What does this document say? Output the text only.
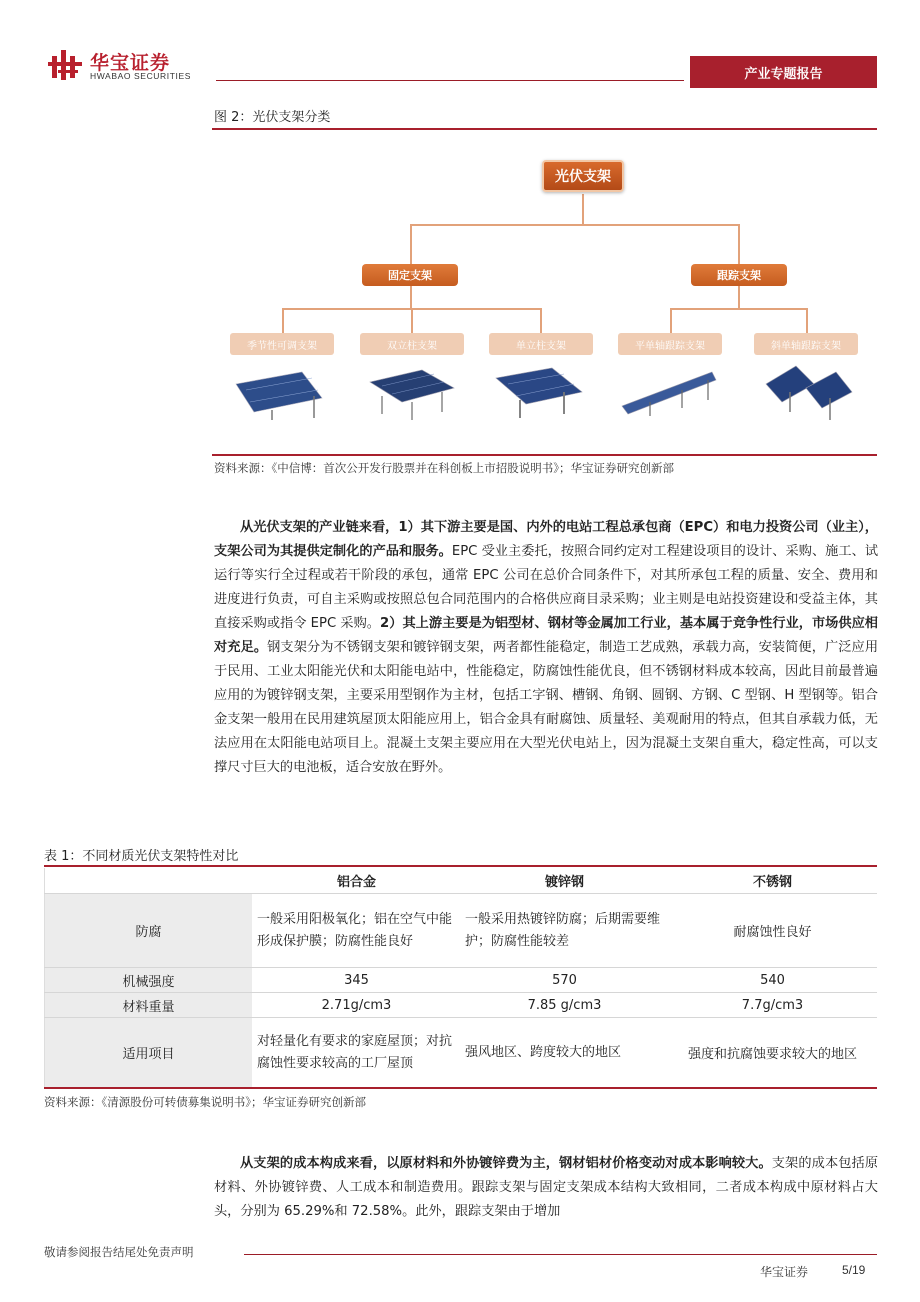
华宝证券
HWABAO SECURITIES	产业专题报告
图 2：光伏支架分类
光伏支架
固定支架	跟踪支架
季节性可调支架	双立柱支架	单立柱支架	平单轴跟踪支架	斜单轴跟踪支架
资料来源：《中信博：首次公开发行股票并在科创板上市招股说明书》；华宝证券研究创新部
从光伏支架的产业链来看，1）其下游主要是国、内外的电站工程总承包商（EPC）和电力投资公司（业主），支架公司为其提供定制化的产品和服务。EPC 受业主委托，按照合同约定对工程建设项目的设计、采购、施工、试运行等实行全过程或若干阶段的承包，通常 EPC 公司在总价合同条件下，对其所承包工程的质量、安全、费用和进度进行负责，可自主采购或按照总包合同范围内的合格供应商目录采购；业主则是电站投资建设和受益主体，其直接采购或指令 EPC 采购。2）其上游主要是为铝型材、钢材等金属加工行业，基本属于竞争性行业，市场供应相对充足。钢支架分为不锈钢支架和镀锌钢支架，两者都性能稳定，制造工艺成熟，承载力高，安装简便，广泛应用于民用、工业太阳能光伏和太阳能电站中，性能稳定，防腐蚀性能优良，但不锈钢材料成本较高，因此目前最普遍应用的为镀锌钢支架，主要采用型钢作为主材，包括工字钢、槽钢、角钢、圆钢、方钢、C 型钢、H 型钢等。铝合金支架一般用在民用建筑屋顶太阳能应用上，铝合金具有耐腐蚀、质量轻、美观耐用的特点，但其自承载力低，无法应用在太阳能电站项目上。混凝土支架主要应用在大型光伏电站上，因为混凝土支架自重大，稳定性高，可以支撑尺寸巨大的电池板，适合安放在野外。
表 1：不同材质光伏支架特性对比
	铝合金	镀锌钢	不锈钢
防腐	一般采用阳极氧化；铝在空气中能形成保护膜；防腐性能良好	一般采用热镀锌防腐；后期需要维护；防腐性能较差	耐腐蚀性良好
机械强度	345	570	540
材料重量	2.71g/cm3	7.85 g/cm3	7.7g/cm3
适用项目	对轻量化有要求的家庭屋顶；对抗腐蚀性要求较高的工厂屋顶	强风地区、跨度较大的地区	强度和抗腐蚀要求较大的地区
资料来源：《清源股份可转债募集说明书》；华宝证券研究创新部
从支架的成本构成来看，以原材料和外协镀锌费为主，钢材铝材价格变动对成本影响较大。支架的成本包括原材料、外协镀锌费、人工成本和制造费用。跟踪支架与固定支架成本结构大致相同，二者成本构成中原材料占大头，分别为 65.29%和 72.58%。此外，跟踪支架由于增加
敬请参阅报告结尾处免责声明
华宝证券	5/19
